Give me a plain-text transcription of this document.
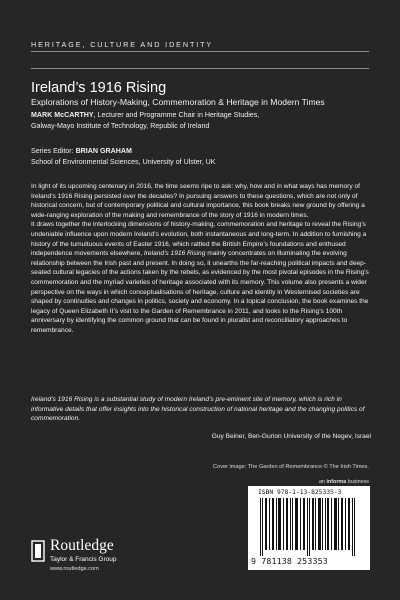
HERITAGE, CULTURE AND IDENTITY
Ireland’s 1916 Rising
Explorations of History-Making, Commemoration & Heritage in Modern Times
MARK McCARTHY, Lecturer and Programme Chair in Heritage Studies,
Galway-Mayo Institute of Technology, Republic of Ireland
Series Editor: BRIAN GRAHAM
School of Environmental Sciences, University of Ulster, UK

In light of its upcoming centenary in 2016, the time seems ripe to ask: why, how and in what ways has memory of Ireland’s 1916 Rising persisted over the decades? In pursuing answers to these questions, which are not only of historical concern, but of contemporary political and cultural importance, this book breaks new ground by offering a wide-ranging exploration of the making and remembrance of the story of 1916 in modern times.

It draws together the interlocking dimensions of history-making, commemoration and heritage to reveal the Rising’s undeniable influence upon modern Ireland’s evolution, both instantaneous and long-term. In addition to furnishing a history of the tumultuous events of Easter 1916, which rattled the British Empire’s foundations and enthused independence movements elsewhere, Ireland’s 1916 Rising mainly concentrates on illuminating the evolving relationship between the Irish past and present. In doing so, it unearths the far-reaching political impacts and deep-seated cultural legacies of the actions taken by the rebels, as evidenced by the most pivotal episodes in the Rising’s commemoration and the myriad varieties of heritage associated with its memory. This volume also presents a wider perspective on the ways in which conceptualisations of heritage, culture and identity in Westernised societies are shaped by continuities and changes in politics, society and economy. In a topical conclusion, the book examines the legacy of Queen Elizabeth II’s visit to the Garden of Remembrance in 2011, and looks to the Rising’s 100th anniversary by identifying the common ground that can be found in pluralist and reconciliatory approaches to remembrance.

Ireland’s 1916 Rising is a substantial study of modern Ireland’s pre-eminent site of memory, which is rich in informative details that offer insights into the historical construction of national heritage and the changing politics of commemoration.
Guy Beiner, Ben-Gurion University of the Negev, Israel
Cover image: The Garden of Remembrance © The Irish Times.
an informa business
ISBN 978-1-13-825335-3
9 781138 253353
Routledge
Taylor & Francis Group
www.routledge.com
